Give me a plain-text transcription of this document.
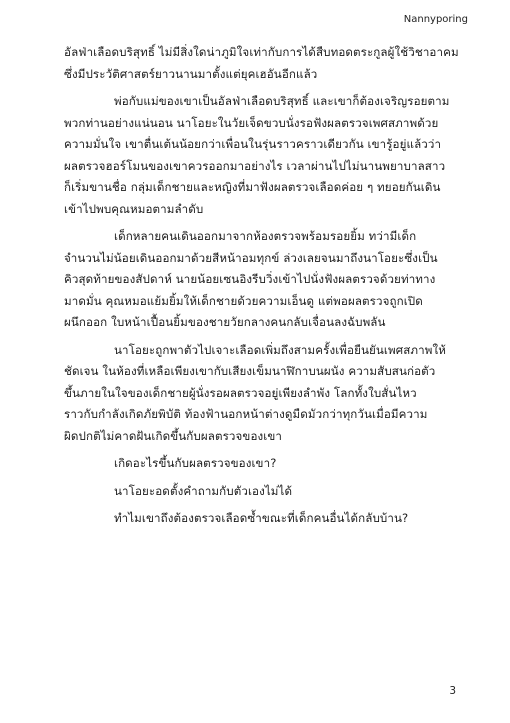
Nannyporing
อัลฟ่าเลือดบริสุทธิ์ ไม่มีสิ่งใดน่าภูมิใจเท่ากับการได้สืบทอดตระกูลผู้ใช้วิชาอาคม
ซึ่งมีประวัติศาสตร์ยาวนานมาตั้งแต่ยุคเฮอันอีกแล้ว
พ่อกับแม่ของเขาเป็นอัลฟ่าเลือดบริสุทธิ์ และเขาก็ต้องเจริญรอยตาม
พวกท่านอย่างแน่นอน นาโอยะในวัยเจ็ดขวบนั่งรอฟังผลตรวจเพศสภาพด้วย
ความมั่นใจ เขาตื่นเต้นน้อยกว่าเพื่อนในรุ่นราวคราวเดียวกัน เขารู้อยู่แล้วว่า
ผลตรวจฮอร์โมนของเขาควรออกมาอย่างไร เวลาผ่านไปไม่นานพยาบาลสาว
ก็เริ่มขานชื่อ กลุ่มเด็กชายและหญิงที่มาฟังผลตรวจเลือดค่อย ๆ ทยอยกันเดิน
เข้าไปพบคุณหมอตามลำดับ
เด็กหลายคนเดินออกมาจากห้องตรวจพร้อมรอยยิ้ม ทว่ามีเด็ก
จำนวนไม่น้อยเดินออกมาด้วยสีหน้าอมทุกข์ ล่วงเลยจนมาถึงนาโอยะซึ่งเป็น
คิวสุดท้ายของสัปดาห์ นายน้อยเซนอิงรีบวิ่งเข้าไปนั่งฟังผลตรวจด้วยท่าทาง
มาดมั่น คุณหมอแย้มยิ้มให้เด็กชายด้วยความเอ็นดู แต่พอผลตรวจถูกเปิด
ผนึกออก ใบหน้าเปื้อนยิ้มของชายวัยกลางคนกลับเจื่อนลงฉับพลัน
นาโอยะถูกพาตัวไปเจาะเลือดเพิ่มถึงสามครั้งเพื่อยืนยันเพศสภาพให้
ชัดเจน ในห้องที่เหลือเพียงเขากับเสียงเข็มนาฬิกาบนผนัง ความสับสนก่อตัว
ขึ้นภายในใจของเด็กชายผู้นั่งรอผลตรวจอยู่เพียงลำพัง โลกทั้งใบสั่นไหว
ราวกับกำลังเกิดภัยพิบัติ ท้องฟ้านอกหน้าต่างดูมืดมัวกว่าทุกวันเมื่อมีความ
ผิดปกติไม่คาดฝันเกิดขึ้นกับผลตรวจของเขา
เกิดอะไรขึ้นกับผลตรวจของเขา?
นาโอยะอดตั้งคำถามกับตัวเองไม่ได้
ทำไมเขาถึงต้องตรวจเลือดซ้ำขณะที่เด็กคนอื่นได้กลับบ้าน?
3
